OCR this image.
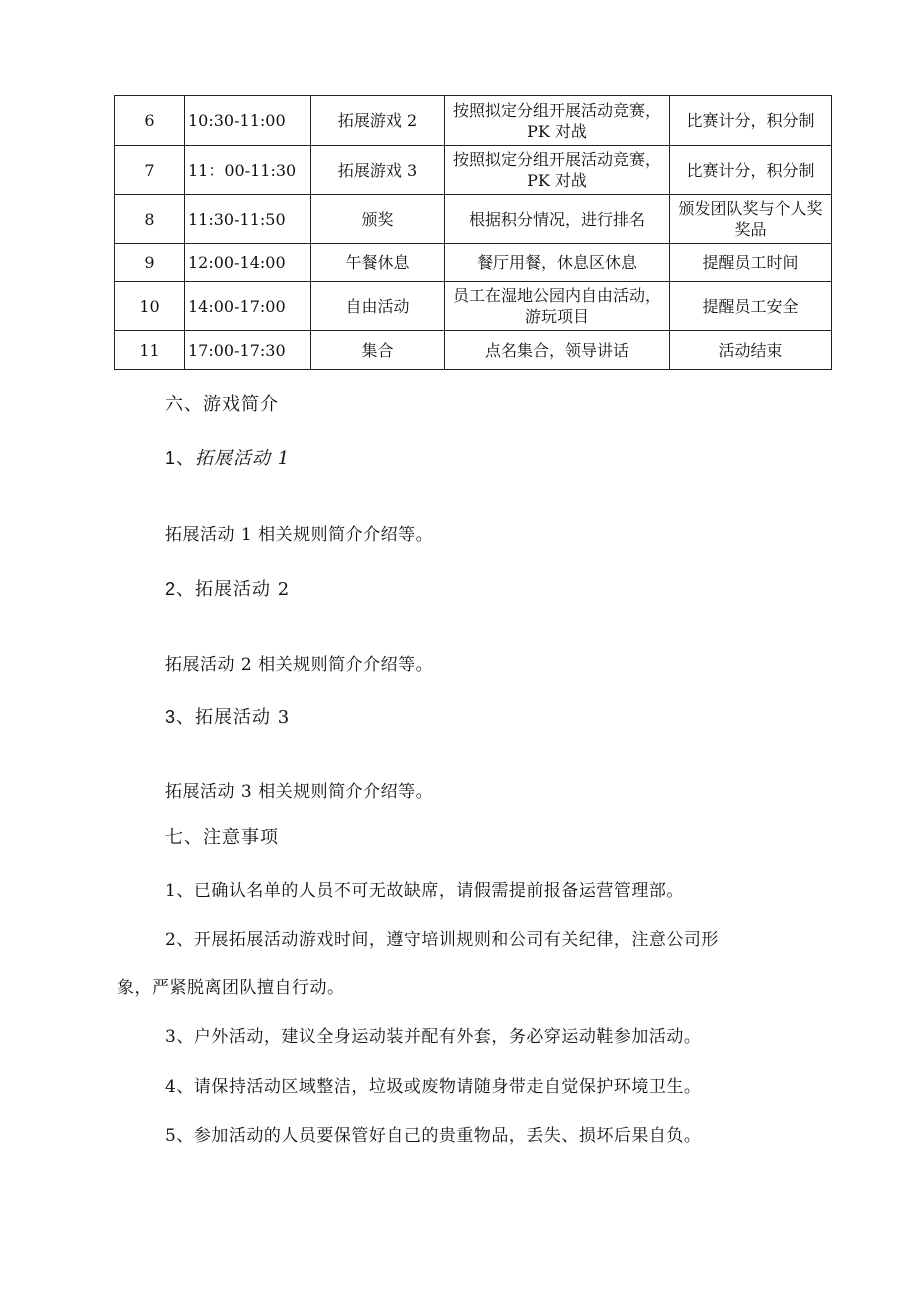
6	10:30-11:00	拓展游戏 2	按照拟定分组开展活动竞赛，PK 对战	比赛计分，积分制
7	11：00-11:30	拓展游戏 3	按照拟定分组开展活动竞赛，PK 对战	比赛计分，积分制
8	11:30-11:50	颁奖	根据积分情况，进行排名	颁发团队奖与个人奖奖品
9	12:00-14:00	午餐休息	餐厅用餐，休息区休息	提醒员工时间
10	14:00-17:00	自由活动	员工在湿地公园内自由活动，游玩项目	提醒员工安全
11	17:00-17:30	集合	点名集合，领导讲话	活动结束
六、游戏简介
1、拓展活动 1
拓展活动 1 相关规则简介介绍等。
2、拓展活动 2
拓展活动 2 相关规则简介介绍等。
3、拓展活动 3
拓展活动 3 相关规则简介介绍等。
七、注意事项
1、已确认名单的人员不可无故缺席，请假需提前报备运营管理部。
2、开展拓展活动游戏时间，遵守培训规则和公司有关纪律，注意公司形
象，严紧脱离团队擅自行动。
3、户外活动，建议全身运动装并配有外套，务必穿运动鞋参加活动。
4、请保持活动区域整洁，垃圾或废物请随身带走自觉保护环境卫生。
5、参加活动的人员要保管好自己的贵重物品，丢失、损坏后果自负。
